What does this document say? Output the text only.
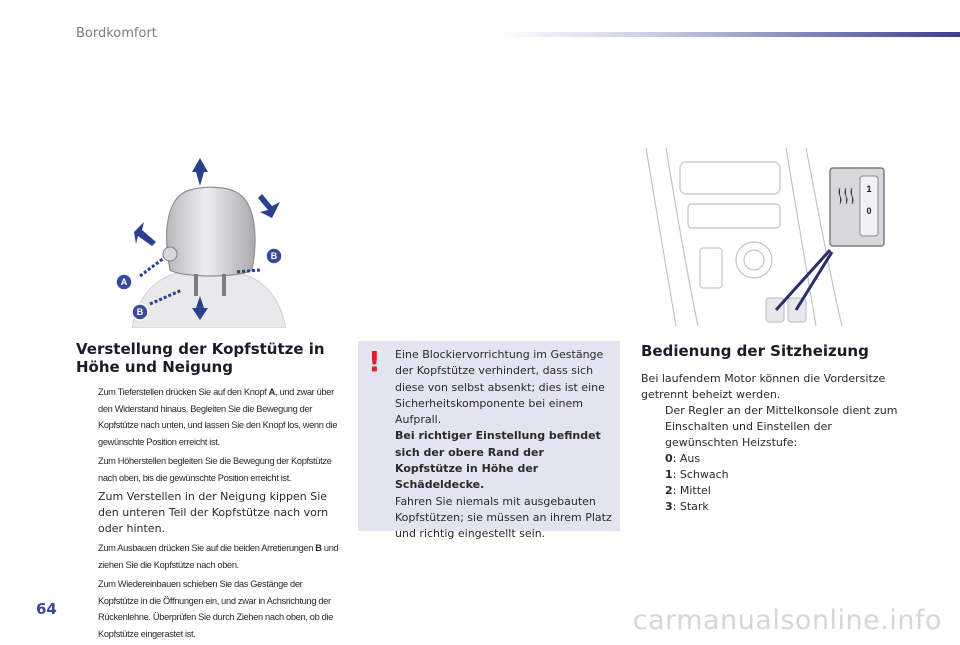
Bordkomfort
A
B
B
1
0
Verstellung der Kopfstütze in
Höhe und Neigung
Zum Tieferstellen drücken Sie auf den Knopf A, und zwar über den Widerstand hinaus. Begleiten Sie die Bewegung der Kopfstütze nach unten, und lassen Sie den Knopf los, wenn die gewünschte Position erreicht ist.
Zum Höherstellen begleiten Sie die Bewegung der Kopfstütze nach oben, bis die gewünschte Position erreicht ist.
Zum Verstellen in der Neigung kippen Sie den unteren Teil der Kopfstütze nach vorn oder hinten.
Zum Ausbauen drücken Sie auf die beiden Arretierungen B und ziehen Sie die Kopfstütze nach oben.
Zum Wiedereinbauen schieben Sie das Gestänge der Kopfstütze in die Öffnungen ein, und zwar in Achsrichtung der Rückenlehne. Überprüfen Sie durch Ziehen nach oben, ob die Kopfstütze eingerastet ist.
! Eine Blockiervorrichtung im Gestänge der Kopfstütze verhindert, dass sich diese von selbst absenkt; dies ist eine Sicherheitskomponente bei einem Aufprall.

Bei richtiger Einstellung befindet sich der obere Rand der Kopfstütze in Höhe der Schädeldecke.

Fahren Sie niemals mit ausgebauten Kopfstützen; sie müssen an ihrem Platz und richtig eingestellt sein.

Bedienung der Sitzheizung

Bei laufendem Motor können die Vordersitze getrennt beheizt werden.

Der Regler an der Mittelkonsole dient zum Einschalten und Einstellen der gewünschten Heizstufe:
0: Aus
1: Schwach
2: Mittel
3: Stark
64	carmanualsonline.info
